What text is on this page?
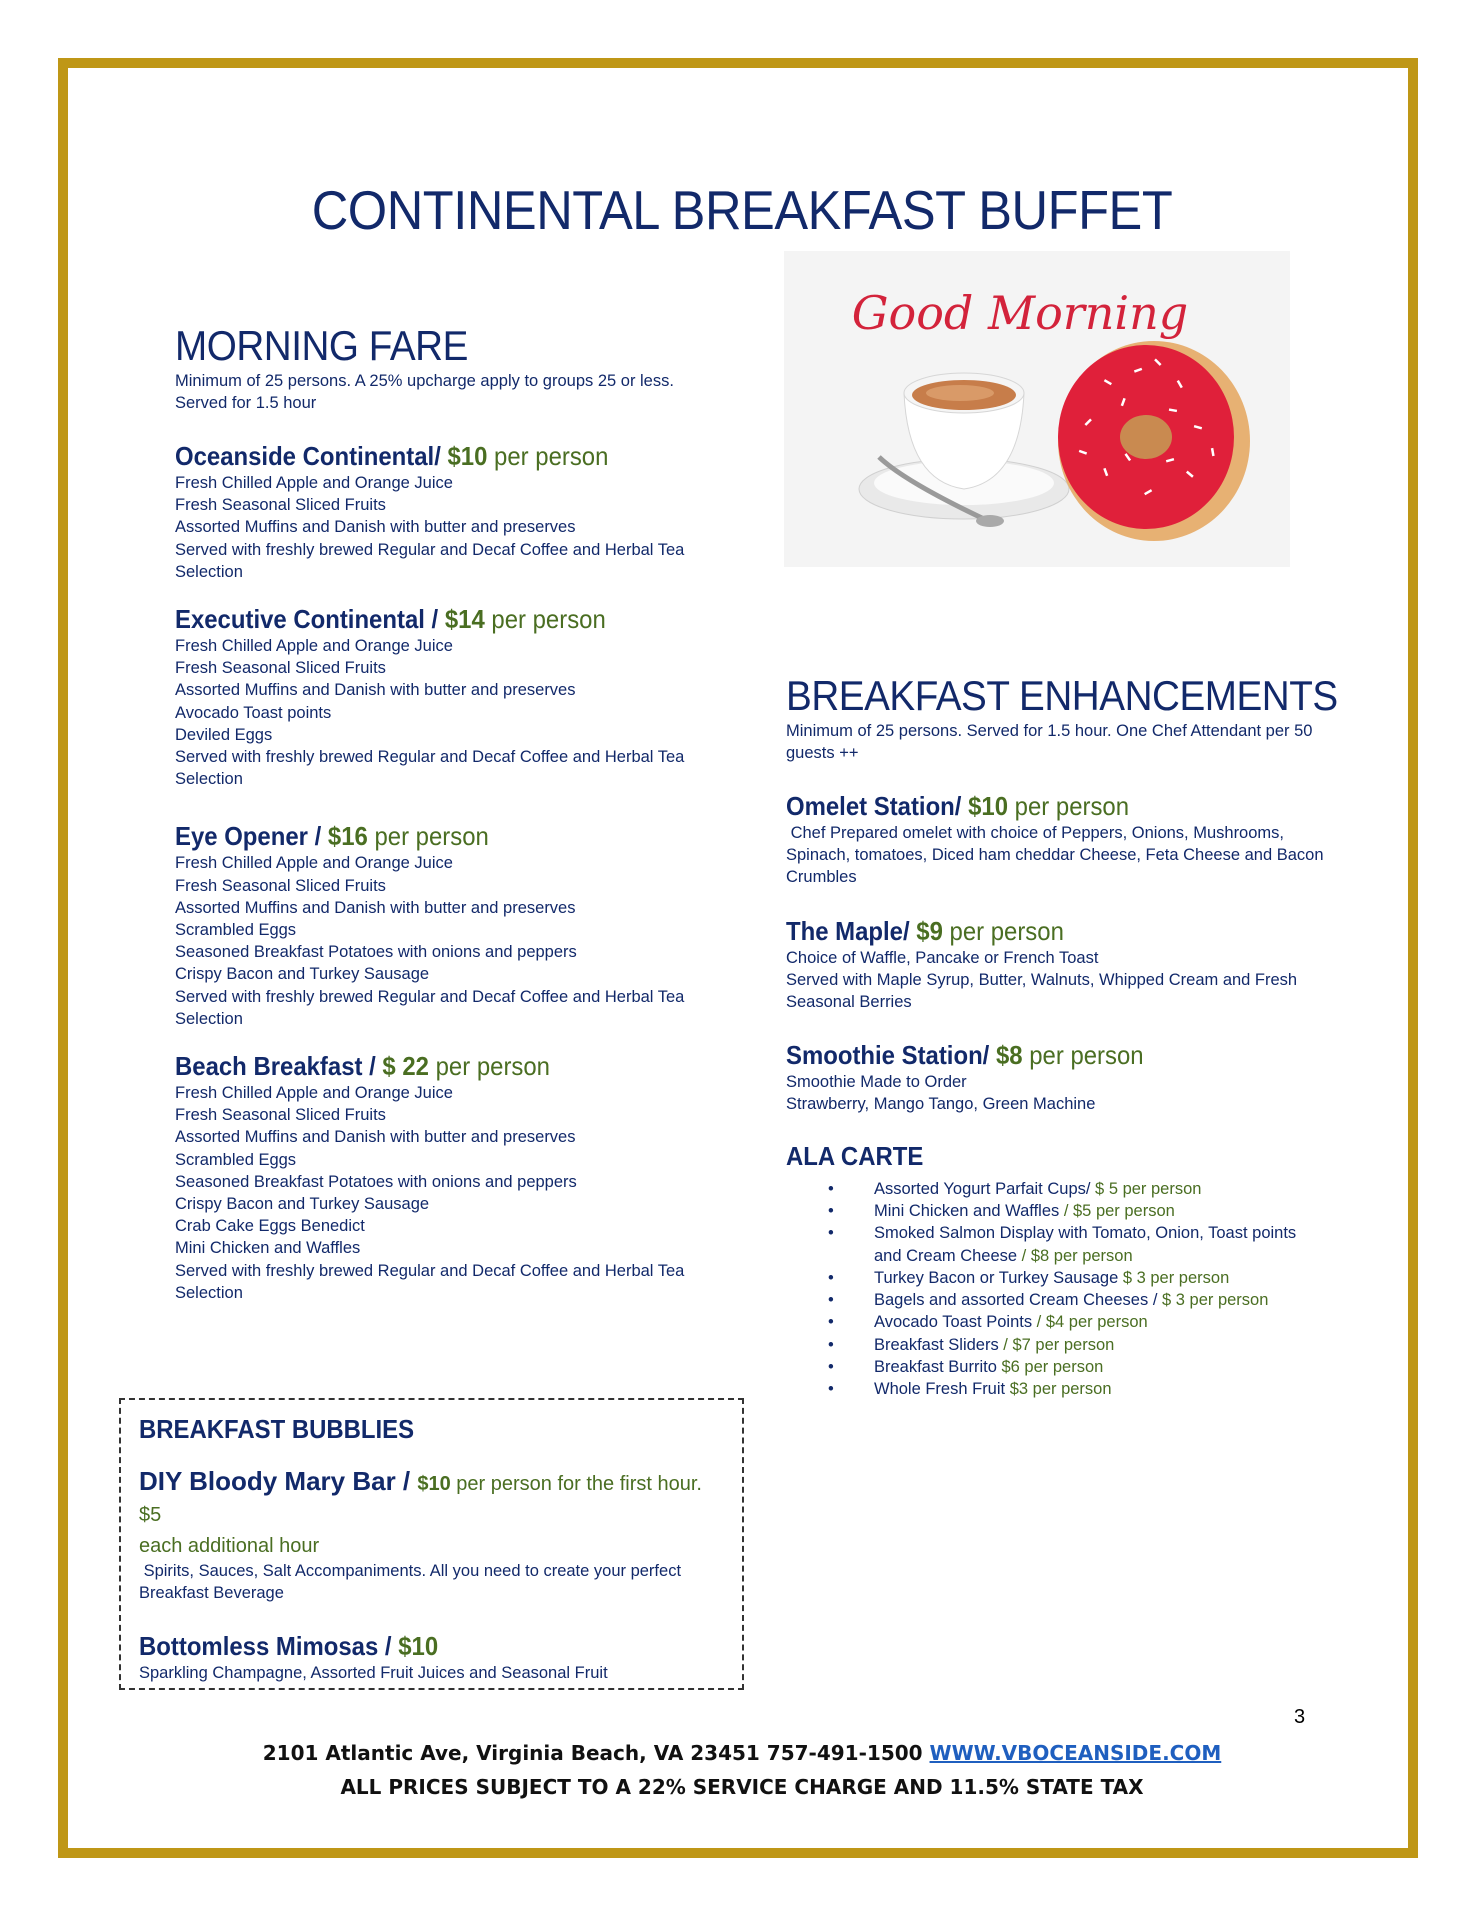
CONTINENTAL BREAKFAST BUFFET
Good Morning
MORNING FARE
Minimum of 25 persons. A 25% upcharge apply to groups 25 or less.
Served for 1.5 hour
Oceanside Continental/ $10 per person
Fresh Chilled Apple and Orange Juice
Fresh Seasonal Sliced Fruits
Assorted Muffins and Danish with butter and preserves
Served with freshly brewed Regular and Decaf Coffee and Herbal Tea
Selection
Executive Continental / $14 per person
Fresh Chilled Apple and Orange Juice
Fresh Seasonal Sliced Fruits
Assorted Muffins and Danish with butter and preserves
Avocado Toast points
Deviled Eggs
Served with freshly brewed Regular and Decaf Coffee and Herbal Tea
Selection
Eye Opener / $16 per person
Fresh Chilled Apple and Orange Juice
Fresh Seasonal Sliced Fruits
Assorted Muffins and Danish with butter and preserves
Scrambled Eggs
Seasoned Breakfast Potatoes with onions and peppers
Crispy Bacon and Turkey Sausage
Served with freshly brewed Regular and Decaf Coffee and Herbal Tea
Selection
Beach Breakfast / $ 22 per person
Fresh Chilled Apple and Orange Juice
Fresh Seasonal Sliced Fruits
Assorted Muffins and Danish with butter and preserves
Scrambled Eggs
Seasoned Breakfast Potatoes with onions and peppers
Crispy Bacon and Turkey Sausage
Crab Cake Eggs Benedict
Mini Chicken and Waffles
Served with freshly brewed Regular and Decaf Coffee and Herbal Tea
Selection
BREAKFAST ENHANCEMENTS
Minimum of 25 persons. Served for 1.5 hour. One Chef Attendant per 50
guests ++
Omelet Station/ $10 per person
Chef Prepared omelet with choice of Peppers, Onions, Mushrooms,
Spinach, tomatoes, Diced ham cheddar Cheese, Feta Cheese and Bacon
Crumbles
The Maple/ $9 per person
Choice of Waffle, Pancake or French Toast
Served with Maple Syrup, Butter, Walnuts, Whipped Cream and Fresh
Seasonal Berries
Smoothie Station/ $8 per person
Smoothie Made to Order
Strawberry, Mango Tango, Green Machine
ALA CARTE
• Assorted Yogurt Parfait Cups/ $ 5 per person
• Mini Chicken and Waffles / $5 per person
• Smoked Salmon Display with Tomato, Onion, Toast points
and Cream Cheese / $8 per person
• Turkey Bacon or Turkey Sausage $ 3 per person
• Bagels and assorted Cream Cheeses / $ 3 per person
• Avocado Toast Points / $4 per person
• Breakfast Sliders / $7 per person
• Breakfast Burrito $6 per person
• Whole Fresh Fruit $3 per person
BREAKFAST BUBBLIES
DIY Bloody Mary Bar / $10 per person for the first hour. $5
each additional hour
Spirits, Sauces, Salt Accompaniments. All you need to create your perfect
Breakfast Beverage
Bottomless Mimosas / $10
Sparkling Champagne, Assorted Fruit Juices and Seasonal Fruit
3
2101 Atlantic Ave, Virginia Beach, VA 23451 757-491-1500 WWW.VBOCEANSIDE.COM
ALL PRICES SUBJECT TO A 22% SERVICE CHARGE AND 11.5% STATE TAX
